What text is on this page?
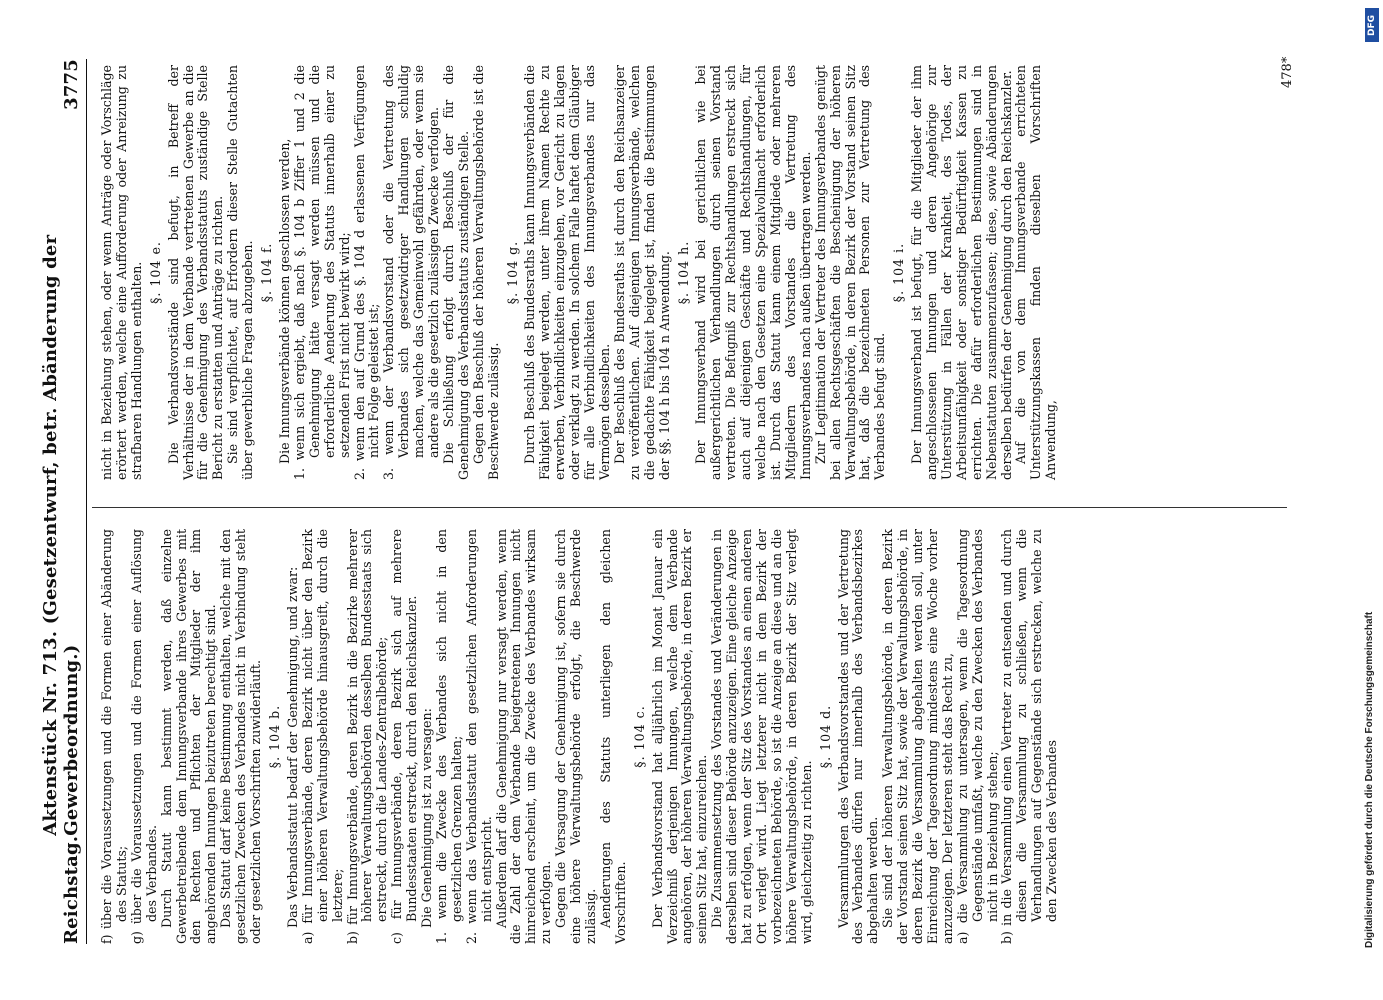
Reichstag.
Aktenstück Nr. 713. (Gesetzentwurf, betr. Abänderung der Gewerbeordnung.)
3775
f) über die Voraussetzungen und die Formen einer Abänderung des Statuts; g) über die Voraussetzungen und die Formen einer Auflösung des Verbandes. Durch Statut kann bestimmt werden, daß einzelne Gewerbetreibende dem Innungsverbande ihres Gewerbes mit den Rechten und Pflichten der Mitglieder der ihm angehörenden Innungen beizutreten berechtigt sind. Das Statut darf keine Bestimmung enthalten, welche mit den gesetzlichen Zwecken des Verbandes nicht in Verbindung steht oder gesetzlichen Vorschriften zuwiderläuft. §. 104 b. Das Verbandsstatut bedarf der Genehmigung, und zwar: a) für Innungsverbände, deren Bezirk nicht über den Bezirk einer höheren Verwaltungsbehörde hinausgreift, durch die letztere; b) für Innungsverbände, deren Bezirk in die Bezirke mehrerer höherer Verwaltungsbehörden desselben Bundesstaats sich erstreckt, durch die Landes-Zentralbehörde; c) für Innungsverbände, deren Bezirk sich auf mehrere Bundesstaaten erstreckt, durch den Reichskanzler. Die Genehmigung ist zu versagen: 1. wenn die Zwecke des Verbandes sich nicht in den gesetzlichen Grenzen halten; 2. wenn das Verbandsstatut den gesetzlichen Anforderungen nicht entspricht. Außerdem darf die Genehmigung nur versagt werden, wenn die Zahl der dem Verbande beigetretenen Innungen nicht hinreichend erscheint, um die Zwecke des Verbandes wirksam zu verfolgen. Gegen die Versagung der Genehmigung ist, sofern sie durch eine höhere Verwaltungsbehörde erfolgt, die Beschwerde zulässig. Aenderungen des Statuts unterliegen den gleichen Vorschriften.
§. 104 c. Der Verbandsvorstand hat alljährlich im Monat Januar ein Verzeichniß derjenigen Innungen, welche dem Verbande angehören, der höheren Verwaltungsbehörde, in deren Bezirk er seinen Sitz hat, einzureichen. Die Zusammensetzung des Vorstandes und Veränderungen in derselben sind dieser Behörde anzuzeigen. Eine gleiche Anzeige hat zu erfolgen, wenn der Sitz des Vorstandes an einen anderen Ort verlegt wird. Liegt letzterer nicht in dem Bezirk der vorbezeichneten Behörde, so ist die Anzeige an diese und an die höhere Verwaltungsbehörde, in deren Bezirk der Sitz verlegt wird, gleichzeitig zu richten.
§. 104 d. Versammlungen des Verbandsvorstandes und der Vertretung des Verbandes dürfen nur innerhalb des Verbandsbezirkes abgehalten werden. Sie sind der höheren Verwaltungsbehörde, in deren Bezirk der Vorstand seinen Sitz hat, sowie der Verwaltungsbehörde, in deren Bezirk die Versammlung abgehalten werden soll, unter Einreichung der Tagesordnung mindestens eine Woche vorher anzuzeigen. Der letzteren steht das Recht zu, a) die Versammlung zu untersagen, wenn die Tagesordnung Gegenstände umfaßt, welche zu den Zwecken des Verbandes nicht in Beziehung stehen; b) in die Versammlung einen Vertreter zu entsenden und durch diesen die Versammlung zu schließen, wenn die Verhandlungen auf Gegenstände sich erstrecken, welche zu den Zwecken des Verbandes
nicht in Beziehung stehen, oder wenn Anträge oder Vorschläge erörtert werden, welche eine Aufforderung oder Anreizung zu strafbaren Handlungen enthalten. §. 104 e. Die Verbandsvorstände sind befugt, in Betreff der Verhältnisse der in dem Verbande vertretenen Gewerbe an die für die Genehmigung des Verbandsstatuts zuständige Stelle Bericht zu erstatten und Anträge zu richten. Sie sind verpflichtet, auf Erfordern dieser Stelle Gutachten über gewerbliche Fragen abzugeben. §. 104 f. Die Innungsverbände können geschlossen werden, 1. wenn sich ergiebt, daß nach §. 104 b Ziffer 1 und 2 die Genehmigung hätte versagt werden müssen und die erforderliche Aenderung des Statuts innerhalb einer zu setzenden Frist nicht bewirkt wird; 2. wenn den auf Grund des §. 104 d erlassenen Verfügungen nicht Folge geleistet ist; 3. wenn der Verbandsvorstand oder die Vertretung des Verbandes sich gesetzwidriger Handlungen schuldig machen, welche das Gemeinwohl gefährden, oder wenn sie andere als die gesetzlich zulässigen Zwecke verfolgen. Die Schließung erfolgt durch Beschluß der für die Genehmigung des Verbandsstatuts zuständigen Stelle. Gegen den Beschluß der höheren Verwaltungsbehörde ist die Beschwerde zulässig.
§. 104 g. Durch Beschluß des Bundesraths kann Innungsverbänden die Fähigkeit beigelegt werden, unter ihrem Namen Rechte zu erwerben, Verbindlichkeiten einzugehen, vor Gericht zu klagen oder verklagt zu werden. In solchem Falle haftet dem Gläubiger für alle Verbindlichkeiten des Innungsverbandes nur das Vermögen desselben. Der Beschluß des Bundesraths ist durch den Reichsanzeiger zu veröffentlichen. Auf diejenigen Innungsverbände, welchen die gedachte Fähigkeit beigelegt ist, finden die Bestimmungen der §§. 104 h bis 104 n Anwendung. §. 104 h. Der Innungsverband wird bei gerichtlichen wie bei außergerichtlichen Verhandlungen durch seinen Vorstand vertreten. Die Befugniß zur Rechtshandlungen erstreckt sich auch auf diejenigen Geschäfte und Rechtshandlungen, für welche nach den Gesetzen eine Spezialvollmacht erforderlich ist. Durch das Statut kann einem Mitgliede oder mehreren Mitgliedern des Vorstandes die Vertretung des Innungsverbandes nach außen übertragen werden. Zur Legitimation der Vertreter des Innungsverbandes genügt bei allen Rechtsgeschäften die Bescheinigung der höheren Verwaltungsbehörde, in deren Bezirk der Vorstand seinen Sitz hat, daß die bezeichneten Personen zur Vertretung des Verbandes befugt sind.
§. 104 i. Der Innungsverband ist befugt, für die Mitglieder der ihm angeschlossenen Innungen und deren Angehörige zur Unterstützung in Fällen der Krankheit, des Todes, der Arbeitsunfähigkeit oder sonstiger Bedürftigkeit Kassen zu errichten. Die dafür erforderlichen Bestimmungen sind in Nebenstatuten zusammenzufassen; diese, sowie Abänderungen derselben bedürfen der Genehmigung durch den Reichskanzler. Auf die von dem Innungsverbande errichteten Unterstützungskassen finden dieselben Vorschriften Anwendung,
478*
DFG
Digitalisierung gefördert durch die Deutsche Forschungsgemeinschaft
